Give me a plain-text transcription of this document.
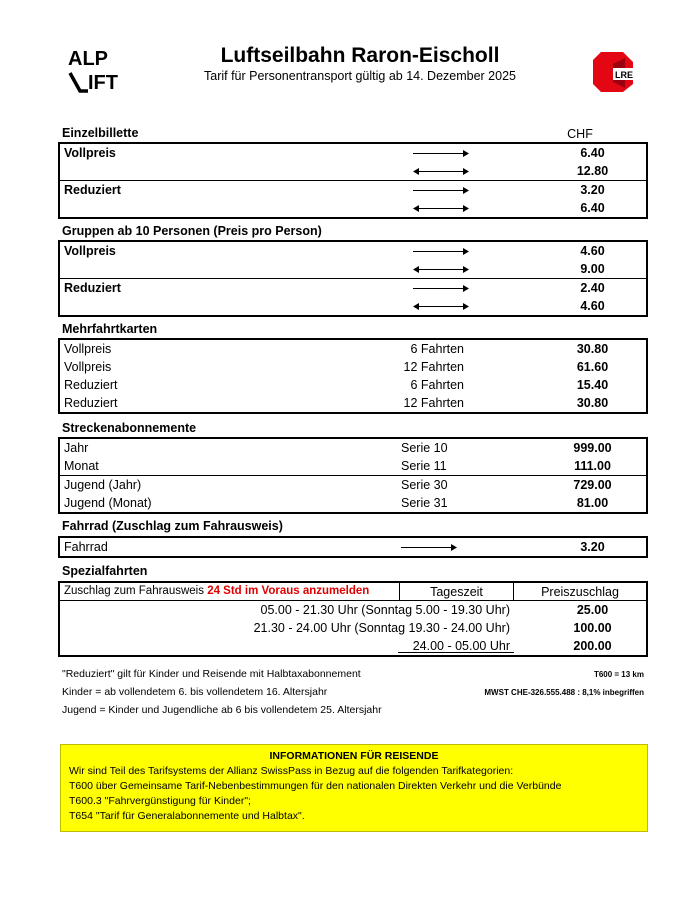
ALP
IFT
Luftseilbahn Raron-Eischoll
Tarif für Personentransport gültig ab 14. Dezember 2025	LRE
Einzelbillette	CHF
Vollpreis	6.40
12.80
Reduziert	3.20
6.40
Gruppen ab 10 Personen (Preis pro Person)
Vollpreis	4.60
9.00
Reduziert	2.40
4.60
Mehrfahrtkarten
Vollpreis	6 Fahrten	30.80
Vollpreis	12 Fahrten	61.60
Reduziert	6 Fahrten	15.40
Reduziert	12 Fahrten	30.80
Streckenabonnemente
Jahr	Serie 10	999.00
Monat	Serie 11	111.00
Jugend (Jahr)	Serie 30	729.00
Jugend (Monat)	Serie 31	81.00
Fahrrad (Zuschlag zum Fahrausweis)
Fahrrad	3.20
Spezialfahrten
Zuschlag zum Fahrausweis 24 Std im Voraus anzumelden	Tageszeit	Preiszuschlag
05.00 - 21.30 Uhr (Sonntag 5.00 - 19.30 Uhr)	25.00
21.30 - 24.00 Uhr (Sonntag 19.30 - 24.00 Uhr)	100.00
24.00 - 05.00 Uhr	200.00
"Reduziert" gilt für Kinder und Reisende mit Halbtaxabonnement	T600 = 13 km
Kinder = ab vollendetem 6. bis vollendetem 16. Altersjahr	MWST CHE-326.555.488 : 8,1% inbegriffen
Jugend = Kinder und Jugendliche ab 6 bis vollendetem 25. Altersjahr
INFORMATIONEN FÜR REISENDE
Wir sind Teil des Tarifsystems der Allianz SwissPass in Bezug auf die folgenden Tarifkategorien:
T600 über Gemeinsame Tarif-Nebenbestimmungen für den nationalen Direkten Verkehr und die Verbünde
T600.3 "Fahrvergünstigung für Kinder";
T654 "Tarif für Generalabonnemente und Halbtax".
